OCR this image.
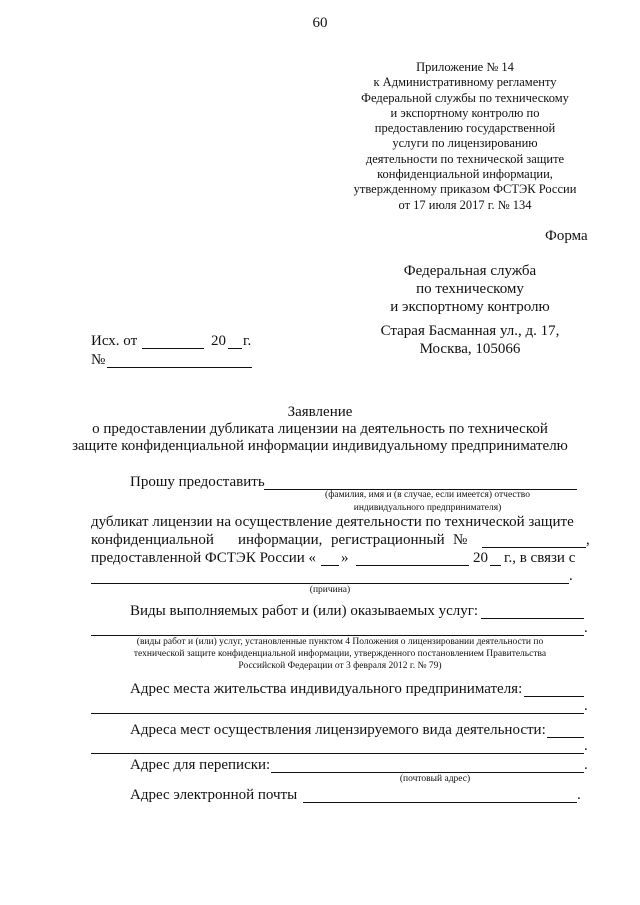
60
Приложение № 14
к Административному регламенту
Федеральной службы по техническому
и экспортному контролю по
предоставлению государственной
услуги по лицензированию
деятельности по технической защите
конфиденциальной информации,
утвержденному приказом ФСТЭК России
от 17 июля 2017 г. № 134
Форма
Федеральная служба
по техническому
и экспортному контролю
Старая Басманная ул., д. 17,
Москва, 105066
Исх. от	20 г.
№
Заявление
о предоставлении дубликата лицензии на деятельность по технической
защите конфиденциальной информации индивидуальному предпринимателю
Прошу предоставить
(фамилия, имя и (в случае, если имеется) отчество
индивидуального предпринимателя)
дубликат лицензии на осуществление деятельности по технической защите
конфиденциальной информации, регистрационный №	,
предоставленной ФСТЭК России « »	20 г., в связи с
.
(причина)
Виды выполняемых работ и (или) оказываемых услуг:
.
(виды работ и (или) услуг, установленные пунктом 4 Положения о лицензировании деятельности по
технической защите конфиденциальной информации, утвержденного постановлением Правительства
Российской Федерации от 3 февраля 2012 г. № 79)
Адрес места жительства индивидуального предпринимателя:
.
Адреса мест осуществления лицензируемого вида деятельности:
.
Адрес для переписки:	.
(почтовый адрес)
Адрес электронной почты	.
